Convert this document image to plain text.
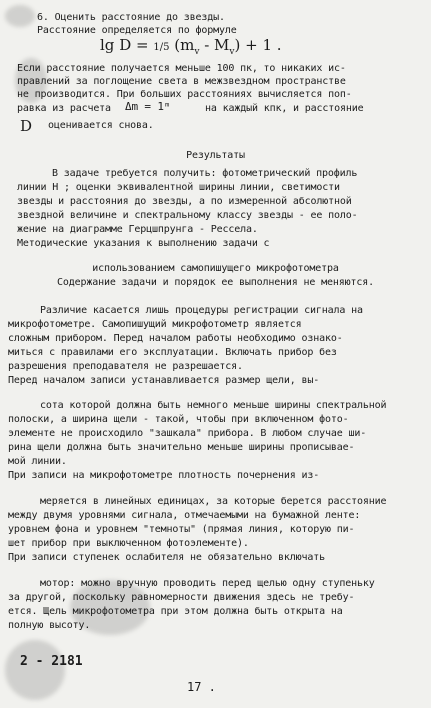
6. Оценить расстояние до звезды.
Расстояние определяется по формуле
lg D = 1/5 $(m_v - M_v) + 1$ .
Если расстояние получается меньше 100 пк, то никаких ис-
правлений за поглощение света в межзвездном пространстве
не производится. При больших расстояниях вычисляется поп-
равка из расчета Δm = 1ᵐ	на каждый кпк, и расстояние
D оценивается снова.
Результаты
В задаче требуется получить: фотометрический профиль
линии H ; оценки эквивалентной ширины линии, светимости
звезды и расстояния до звезды, а по измеренной абсолютной
звездной величине и спектральному классу звезды - ее поло-
жение на диаграмме Герцшпрунга - Рессела.
Методические указания к выполнению задачи с
использованием самопишущего микрофотометра
Содержание задачи и порядок ее выполнения не меняются.
Различие касается лишь процедуры регистрации сигнала на
микрофотометре. Самопишущий микрофотометр является
сложным прибором. Перед началом работы необходимо ознако-
миться с правилами его эксплуатации. Включать прибор без
разрешения преподавателя не разрешается.
Перед началом записи устанавливается размер щели, вы-
сота которой должна быть немного меньше ширины спектральной
полоски, а ширина щели - такой, чтобы при включенном фото-
элементе не происходило "зашкала" прибора. В любом случае ши-
рина щели должна быть значительно меньше ширины прописывае-
мой линии.
При записи на микрофотометре плотность почернения из-
меряется в линейных единицах, за которые берется расстояние
между двумя уровнями сигнала, отмечаемыми на бумажной ленте:
уровнем фона и уровнем "темноты" (прямая линия, которую пи-
шет прибор при выключенном фотоэлементе).
При записи ступенек ослабителя не обязательно включать
мотор: можно вручную проводить перед щелью одну ступеньку
за другой, поскольку равномерности движения здесь не требу-
ется. Щель микрофотометра при этом должна быть открыта на
полную высоту.
2 - 2181
17 .
